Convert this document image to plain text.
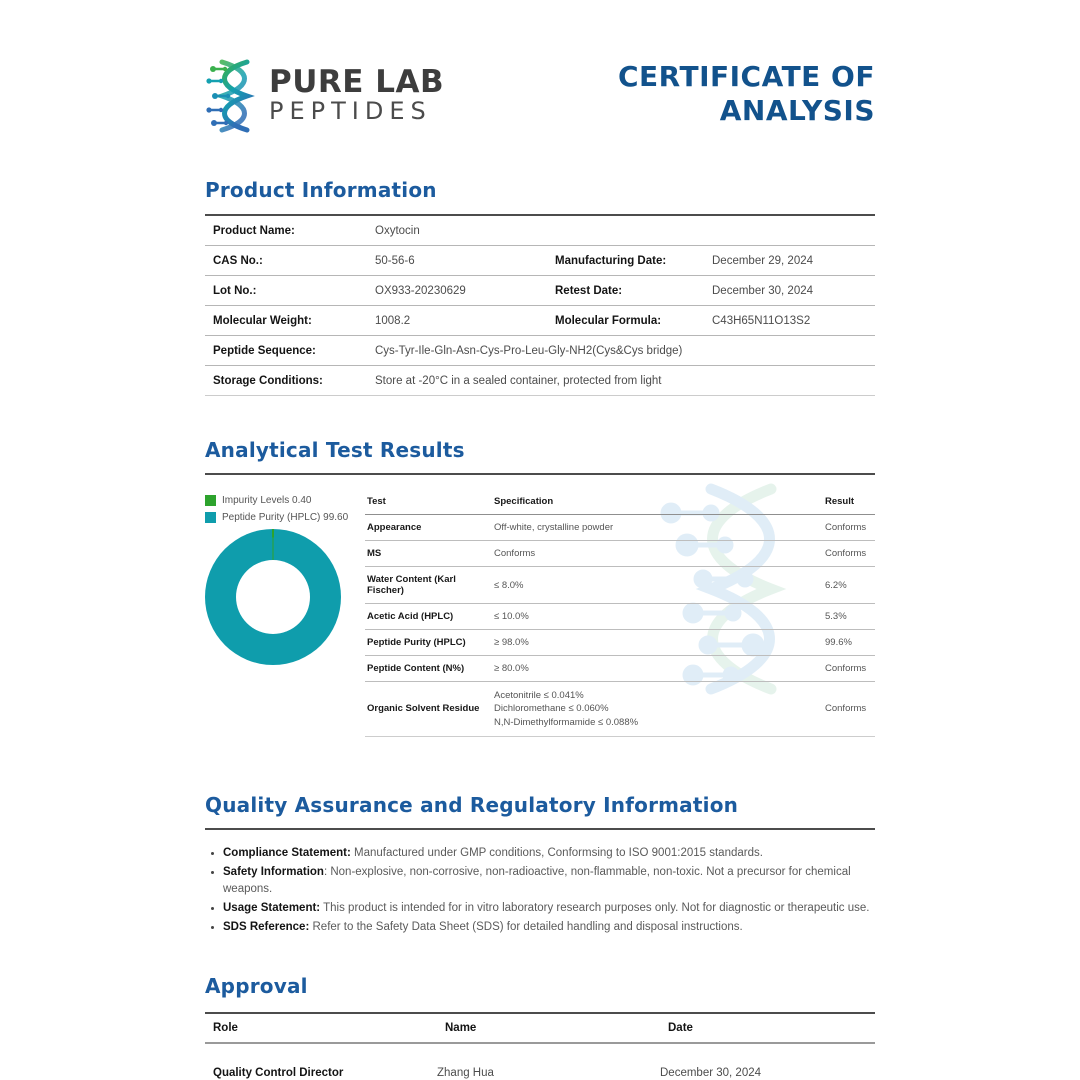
PURE LAB
PEPTIDES
CERTIFICATE OF
ANALYSIS
Product Information
Product Name:	Oxytocin
CAS No.:	50-56-6	Manufacturing Date:	December 29, 2024
Lot No.:	OX933-20230629	Retest Date:	December 30, 2024
Molecular Weight:	1008.2	Molecular Formula:	C43H65N11O13S2
Peptide Sequence:	Cys-Tyr-Ile-Gln-Asn-Cys-Pro-Leu-Gly-NH2(Cys&Cys bridge)
Storage Conditions:	Store at -20°C in a sealed container, protected from light
Analytical Test Results
Impurity Levels 0.40
Peptide Purity (HPLC) 99.60
Test	Specification	Result
Appearance	Off-white, crystalline powder	Conforms
MS	Conforms	Conforms
Water Content (Karl Fischer)	≤ 8.0%	6.2%
Acetic Acid (HPLC)	≤ 10.0%	5.3%
Peptide Purity (HPLC)	≥ 98.0%	99.6%
Peptide Content (N%)	≥ 80.0%	Conforms
Organic Solvent Residue	Acetonitrile ≤ 0.041%
Dichloromethane ≤ 0.060%
N,N-Dimethylformamide ≤ 0.088%	Conforms
Quality Assurance and Regulatory Information
• Compliance Statement: Manufactured under GMP conditions, Conformsing to ISO 9001:2015 standards.
• Safety Information: Non-explosive, non-corrosive, non-radioactive, non-flammable, non-toxic. Not a precursor for chemical weapons.
• Usage Statement: This product is intended for in vitro laboratory research purposes only. Not for diagnostic or therapeutic use.
• SDS Reference: Refer to the Safety Data Sheet (SDS) for detailed handling and disposal instructions.
Approval
Role	Name	Date
Quality Control Director	Zhang Hua	December 30, 2024
